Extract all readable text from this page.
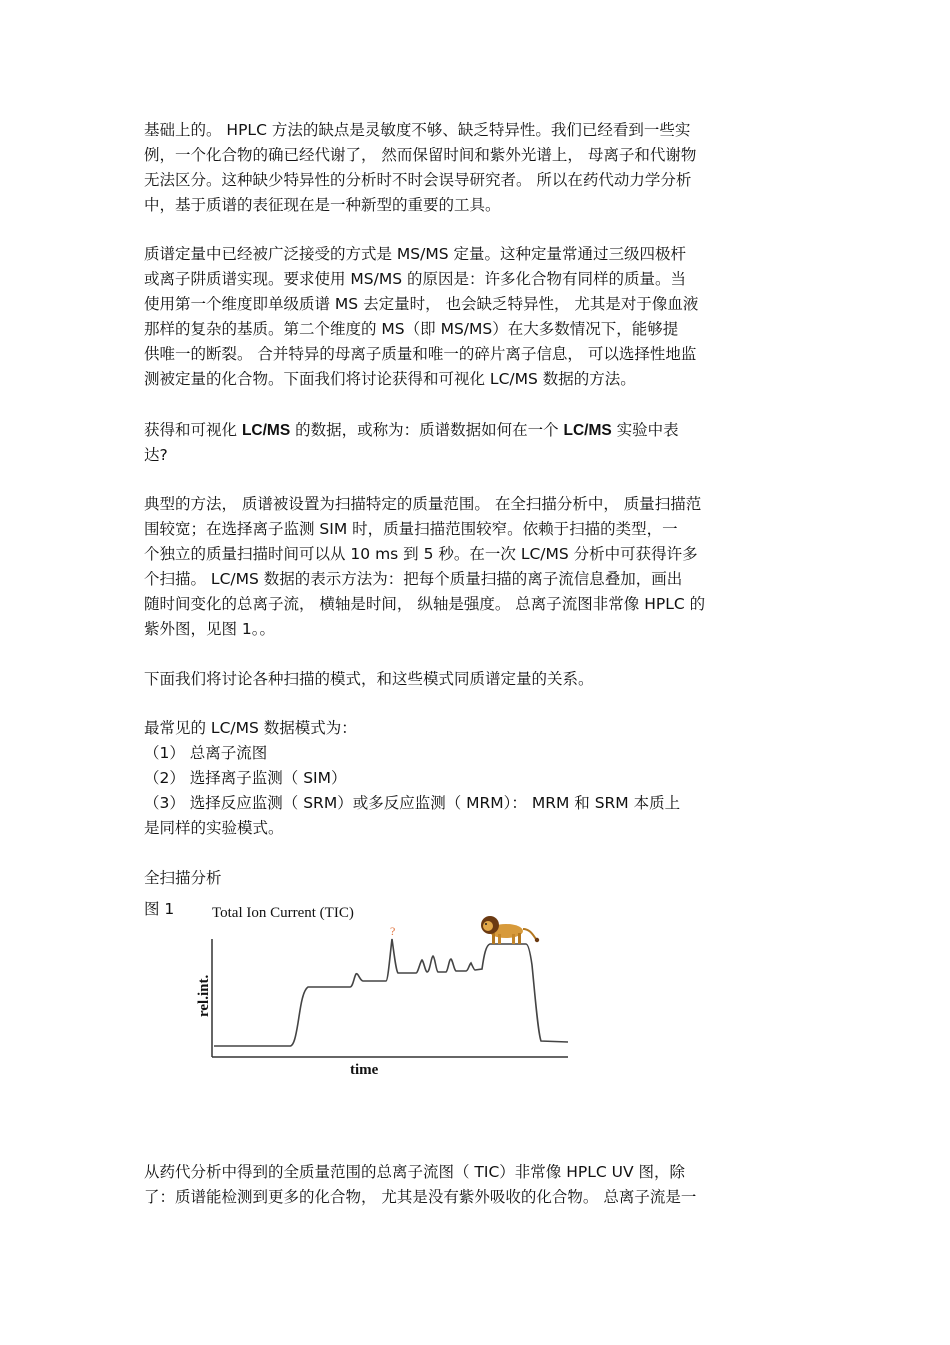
基础上的。 HPLC 方法的缺点是灵敏度不够、缺乏特异性。我们已经看到一些实
例，一个化合物的确已经代谢了， 然而保留时间和紫外光谱上， 母离子和代谢物
无法区分。这种缺少特异性的分析时不时会误导研究者。 所以在药代动力学分析
中，基于质谱的表征现在是一种新型的重要的工具。
质谱定量中已经被广泛接受的方式是 MS/MS 定量。这种定量常通过三级四极杆
或离子阱质谱实现。要求使用 MS/MS 的原因是：许多化合物有同样的质量。当
使用第一个维度即单级质谱 MS 去定量时， 也会缺乏特异性， 尤其是对于像血液
那样的复杂的基质。第二个维度的 MS（即 MS/MS）在大多数情况下，能够提
供唯一的断裂。 合并特异的母离子质量和唯一的碎片离子信息， 可以选择性地监
测被定量的化合物。下面我们将讨论获得和可视化 LC/MS 数据的方法。
获得和可视化 LC/MS 的数据，或称为：质谱数据如何在一个 LC/MS 实验中表
达?
典型的方法， 质谱被设置为扫描特定的质量范围。 在全扫描分析中， 质量扫描范
围较宽；在选择离子监测 SIM 时，质量扫描范围较窄。依赖于扫描的类型，一
个独立的质量扫描时间可以从 10 ms 到 5 秒。在一次 LC/MS 分析中可获得许多
个扫描。 LC/MS 数据的表示方法为：把每个质量扫描的离子流信息叠加，画出
随时间变化的总离子流， 横轴是时间， 纵轴是强度。 总离子流图非常像 HPLC 的
紫外图，见图 1。。
下面我们将讨论各种扫描的模式，和这些模式同质谱定量的关系。
最常见的 LC/MS 数据模式为：
（1） 总离子流图
（2） 选择离子监测（ SIM）
（3） 选择反应监测（ SRM）或多反应监测（ MRM）： MRM 和 SRM 本质上
是同样的实验模式。
全扫描分析
图 1	Total Ion Current (TIC)
?
rel.int.
time
从药代分析中得到的全质量范围的总离子流图（ TIC）非常像 HPLC UV 图，除
了：质谱能检测到更多的化合物， 尤其是没有紫外吸收的化合物。 总离子流是一
